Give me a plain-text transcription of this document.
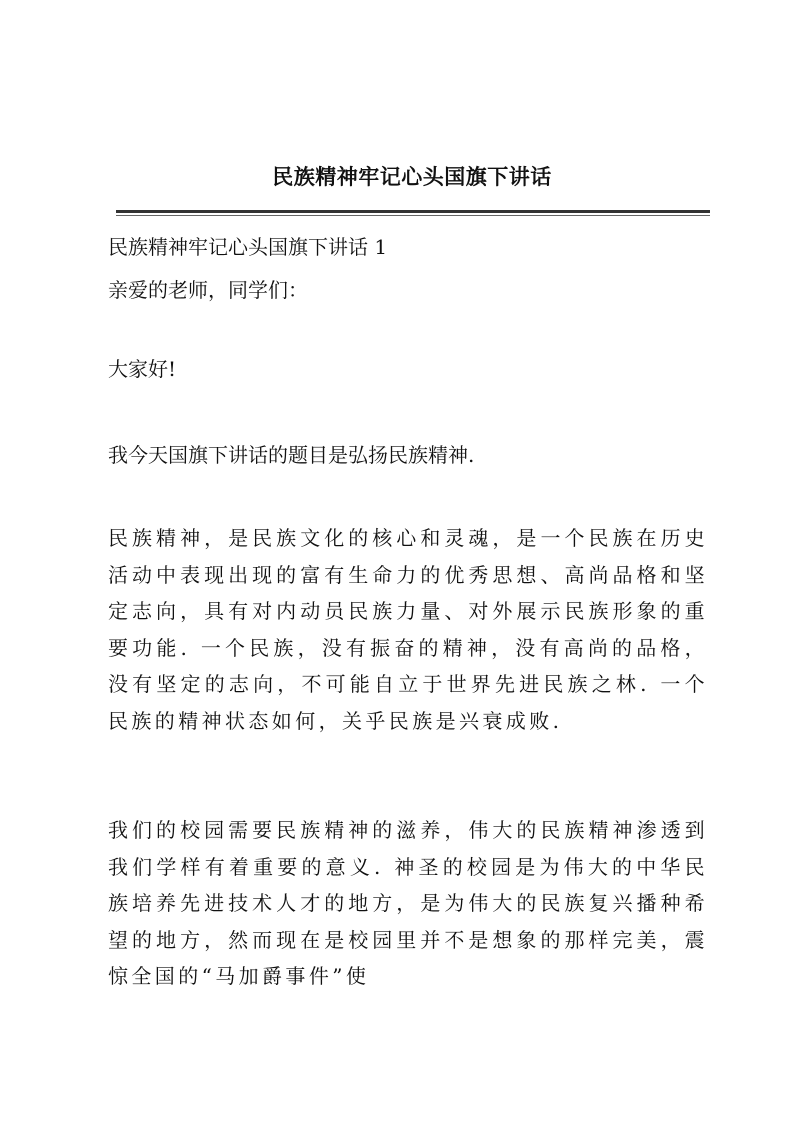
民族精神牢记心头国旗下讲话
民族精神牢记心头国旗下讲话 1
亲爱的老师，同学们：
大家好!
我今天国旗下讲话的题目是弘扬民族精神.
民族精神，是民族文化的核心和灵魂，是一个民族在历史活动中表现出现的富有生命力的优秀思想、高尚品格和坚定志向，具有对内动员民族力量、对外展示民族形象的重要功能. 一个民族，没有振奋的精神，没有高尚的品格，没有坚定的志向，不可能自立于世界先进民族之林. 一个民族的精神状态如何，关乎民族是兴衰成败.
我们的校园需要民族精神的滋养，伟大的民族精神渗透到我们学样有着重要的意义. 神圣的校园是为伟大的中华民族培养先进技术人才的地方，是为伟大的民族复兴播种希望的地方，然而现在是校园里并不是想象的那样完美，震惊全国的“马加爵事件”使
